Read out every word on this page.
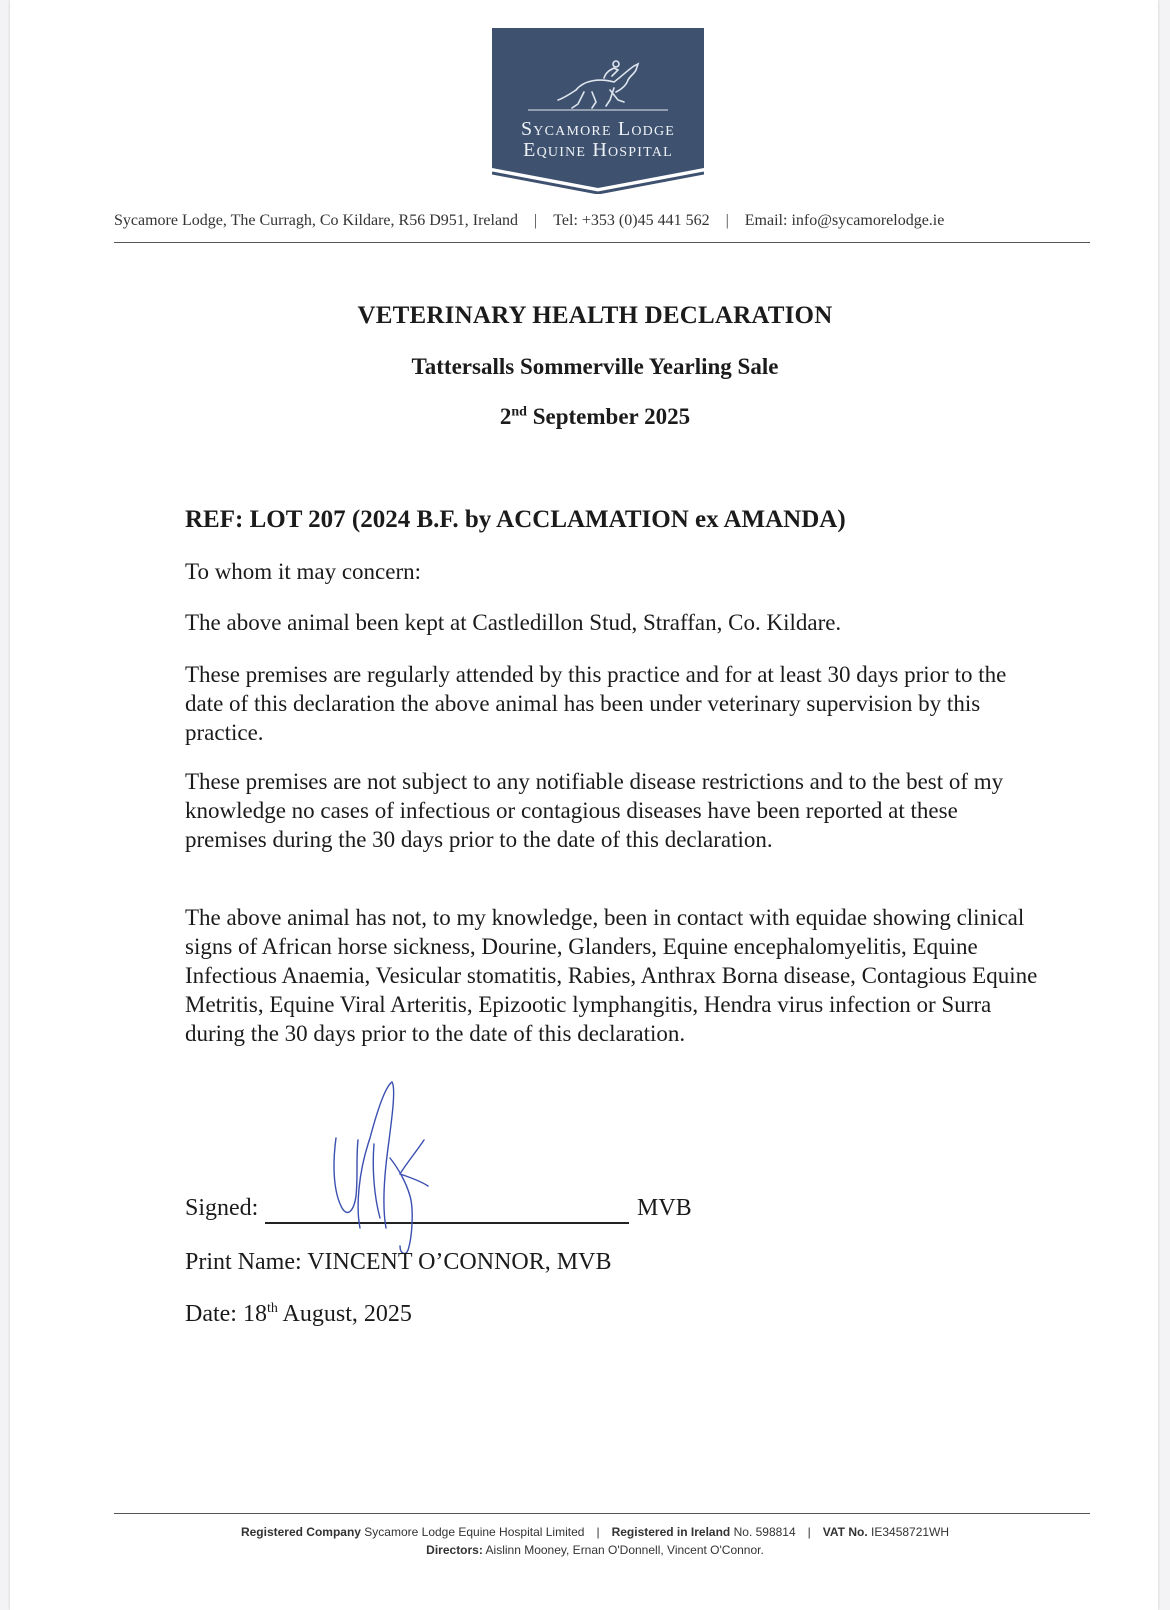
Sycamore Lodge
Equine Hospital
Sycamore Lodge, The Curragh, Co Kildare, R56 D951, Ireland | Tel: +353 (0)45 441 562 | Email: info@sycamorelodge.ie
VETERINARY HEALTH DECLARATION
Tattersalls Sommerville Yearling Sale
2nd September 2025
REF: LOT 207 (2024 B.F. by ACCLAMATION ex AMANDA)

To whom it may concern:

The above animal been kept at Castledillon Stud, Straffan, Co. Kildare.

These premises are regularly attended by this practice and for at least 30 days prior to the date of this declaration the above animal has been under veterinary supervision by this practice.

These premises are not subject to any notifiable disease restrictions and to the best of my knowledge no cases of infectious or contagious diseases have been reported at these premises during the 30 days prior to the date of this declaration.

The above animal has not, to my knowledge, been in contact with equidae showing clinical signs of African horse sickness, Dourine, Glanders, Equine encephalomyelitis, Equine Infectious Anaemia, Vesicular stomatitis, Rabies, Anthrax Borna disease, Contagious Equine Metritis, Equine Viral Arteritis, Epizootic lymphangitis, Hendra virus infection or Surra during the 30 days prior to the date of this declaration.

Signed:	MVB
Print Name: VINCENT O’CONNOR, MVB
Date: 18th August, 2025
Registered Company Sycamore Lodge Equine Hospital Limited | Registered in Ireland No. 598814 | VAT No. IE3458721WH
Directors: Aislinn Mooney, Ernan O'Donnell, Vincent O'Connor.
